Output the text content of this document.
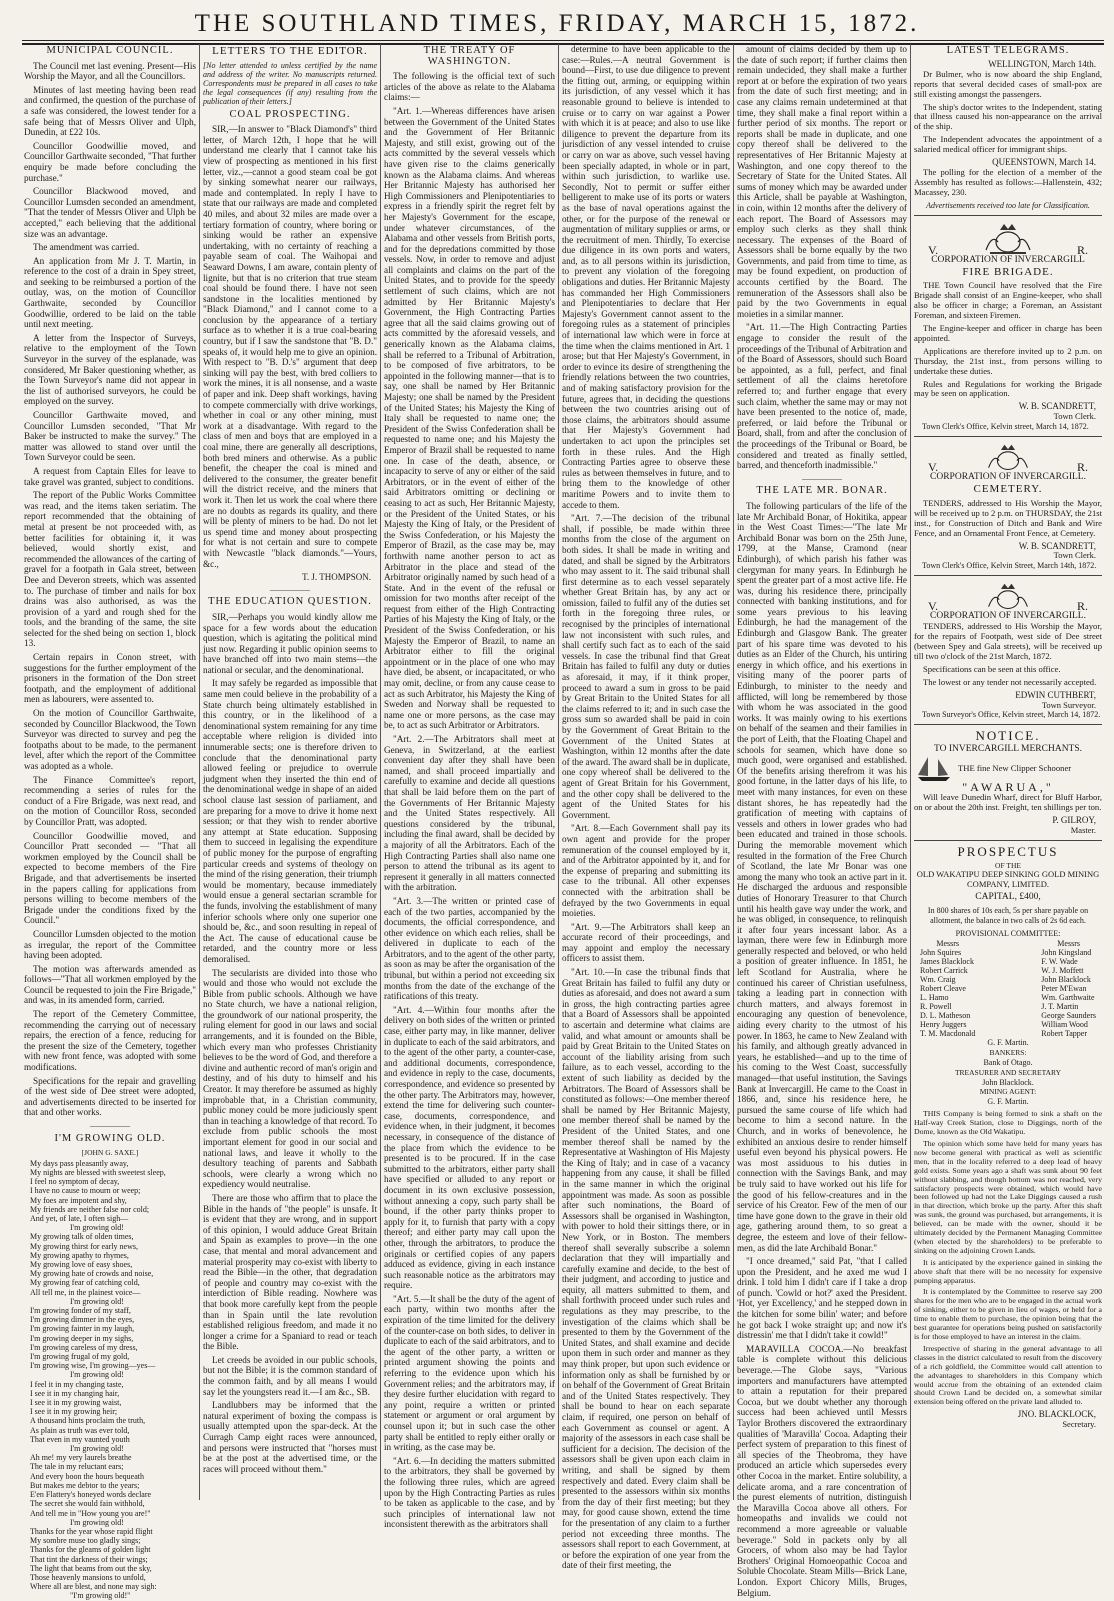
THE SOUTHLAND TIMES, FRIDAY, MARCH 15, 1872.
MUNICIPAL COUNCIL.

The Council met last evening. Present—His Worship the Mayor, and all the Councillors.

Minutes of last meeting having been read and confirmed, the question of the purchase of a safe was considered, the lowest tender for a safe being that of Messrs Oliver and Ulph, Dunedin, at £22 10s.

Councillor Goodwillie moved, and Councillor Garthwaite seconded, "That further enquiry be made before concluding the purchase."

Councillor Blackwood moved, and Councillor Lumsden seconded an amendment, "That the tender of Messrs Oliver and Ulph be accepted," each believing that the additional size was an advantage.

The amendment was carried.

An application from Mr J. T. Martin, in reference to the cost of a drain in Spey street, and seeking to be reimbursed a portion of the outlay, was, on the motion of Councillor Garthwaite, seconded by Councillor Goodwillie, ordered to be laid on the table until next meeting.

A letter from the Inspector of Surveys, relative to the employment of the Town Surveyor in the survey of the esplanade, was considered, Mr Baker questioning whether, as the Town Surveyor's name did not appear in the list of authorised surveyors, he could be employed on the survey.

Councillor Garthwaite moved, and Councillor Lumsden seconded, "That Mr Baker be instructed to make the survey." The matter was allowed to stand over until the Town Surveyor could be seen.

A request from Captain Elles for leave to take gravel was granted, subject to conditions.

The report of the Public Works Committee was read, and the items taken seriatim. The report recommended that the obtaining of metal at present be not proceeded with, as better facilities for obtaining it, it was believed, would shortly exist, and recommended the allowances of the carting of gravel for a footpath in Gala street, between Dee and Deveron streets, which was assented to. The purchase of timber and nails for box drains was also authorised, as was the provision of a yard and rough shed for the tools, and the branding of the same, the site selected for the shed being on section 1, block 13.

Certain repairs in Conon street, with suggestions for the further employment of the prisoners in the formation of the Don street footpath, and the employment of additional men as labourers, were assented to.

On the motion of Councillor Garthwaite, seconded by Councillor Blackwood, the Town Surveyor was directed to survey and peg the footpaths about to be made, to the permanent level, after which the report of the Committee was adopted as a whole.

The Finance Committee's report, recommending a series of rules for the conduct of a Fire Brigade, was next read, and on the motion of Councillor Ross, seconded by Councillor Pratt, was adopted.

Councillor Goodwillie moved, and Councillor Pratt seconded — "That all workmen employed by the Council shall be expected to become members of the Fire Brigade, and that advertisements be inserted in the papers calling for applications from persons willing to become members of the Brigade under the conditions fixed by the Council."

Councillor Lumsden objected to the motion as irregular, the report of the Committee having been adopted.

The motion was afterwards amended as follows—"That all workmen employed by the Council be requested to join the Fire Brigade," and was, in its amended form, carried.

The report of the Cemetery Committee, recommending the carrying out of necessary repairs, the erection of a fence, reducing for the present the size of the Cemetery, together with new front fence, was adopted with some modifications.

Specifications for the repair and gravelling of the west side of Dee street were adopted, and advertisements directed to be inserted for that and other works.

—————
I'M GROWING OLD.
[JOHN G. SAXE.]
My days pass pleasantly away,
My nights are blessed with sweetest sleep,
I feel no symptom of decay,
I have no cause to mourn or weep;
My foes are impotent and shy,
My friends are neither false nor cold;
And yet, of late, I often sigh—
I'm growing old!
My growing talk of olden times,
My growing thirst for early news,
My growing apathy to rhymes,
My growing love of easy shoes,
My growing hate of crowds and noise,
My growing fear of catching cold,
All tell me, in the plainest voice—
I'm growing old!
I'm growing fonder of my staff,
I'm growing dimmer in the eyes,
I'm growing fainter in my laugh,
I'm growing deeper in my sighs,
I'm growing careless of my dress,
I'm growing frugal of my gold,
I'm growing wise, I'm growing—yes—
I'm growing old!
I feel it in my changing taste,
I see it in my changing hair,
I see it in my growing waist,
I see it in my growing heir;
A thousand hints proclaim the truth,
As plain as truth was ever told,
That even in my vaunted youth
I'm growing old!
Ah me! my very laurels breathe
The tale in my reluctant ears;
And every boon the hours bequeath
But makes me debtor to the years;
E'en Flattery's honeyed words declare
The secret she would fain withhold,
And tell me in "How young you are!"
I'm growing old!
Thanks for the year whose rapid flight
My sombre muse too gladly sings;
Thanks for the gleams of golden light
That tint the darkness of their wings;
The light that beams from out the sky,
Those heavenly mansions to unfold,
Where all are blest, and none may sigh:
"I'm growing old!"
LETTERS TO THE EDITOR.
[No letter attended to unless certified by the name and address of the writer. No manuscripts returned. Correspondents must be prepared in all cases to take the legal consequences (if any) resulting from the publication of their letters.]
COAL PROSPECTING.

SIR,—In answer to "Black Diamond's" third letter, of March 12th, I hope that he will understand me clearly that I cannot take his view of prospecting as mentioned in his first letter, viz.,—cannot a good steam coal be got by sinking somewhat nearer our railways, made and contemplated. In reply I have to state that our railways are made and completed 40 miles, and about 32 miles are made over a tertiary formation of country, where boring or sinking would be rather an expensive undertaking, with no certainty of reaching a payable seam of coal. The Waihopai and Seaward Downs, I am aware, contain plenty of lignite, but that is no criterion that true steam coal should be found there. I have not seen sandstone in the localities mentioned by "Black Diamond," and I cannot come to a conclusion by the appearance of a tertiary surface as to whether it is a true coal-bearing country, but if I saw the sandstone that "B. D." speaks of, it would help me to give an opinion. With respect to "B. D.'s" argument that deep sinking will pay the best, with bred colliers to work the mines, it is all nonsense, and a waste of paper and ink. Deep shaft workings, having to compete commercially with drive workings, whether in coal or any other mining, must work at a disadvantage. With regard to the class of men and boys that are employed in a coal mine, there are generally all descriptions, both bred miners and otherwise. As a public benefit, the cheaper the coal is mined and delivered to the consumer, the greater benefit will the district receive, and the miners that work it. Then let us work the coal where there are no doubts as regards its quality, and there will be plenty of miners to be had. Do not let us spend time and money about prospecting for what is not certain and sure to compete with Newcastle "black diamonds."—Yours, &c.,

T. J. THOMPSON.
—————
THE EDUCATION QUESTION.

SIR,—Perhaps you would kindly allow me space for a few words about the education question, which is agitating the political mind just now. Regarding it public opinion seems to have branched off into two main stems—the national or secular, and the denominational.

It may safely be regarded as impossible that same men could believe in the probability of a State church being ultimately established in this country, or in the likelihood of a denominational system remaining for any time acceptable where religion is divided into innumerable sects; one is therefore driven to conclude that the denominational party allowed feeling or prejudice to overrule judgment when they inserted the thin end of the denominational wedge in shape of an aided school clause last session of parliament, and are preparing for a move to drive it home next session; or that they wish to render abortive any attempt at State education. Supposing them to succeed in legalising the expenditure of public money for the purpose of engrafting particular creeds and systems of theology on the mind of the rising generation, their triumph would be momentary, because immediately would ensue a general sectarian scramble for the funds, involving the establishment of many inferior schools where only one superior one should be, &c., and soon resulting in repeal of the Act. The cause of educational cause be retarded, and the country more or less demoralised.

The secularists are divided into those who would and those who would not exclude the Bible from public schools. Although we have no State church, we have a national religion, the groundwork of our national prosperity, the ruling element for good in our laws and social arrangements, and it is founded on the Bible, which every man who professes Christianity believes to be the word of God, and therefore a divine and authentic record of man's origin and destiny, and of his duty to himself and his Creator. It may therefore be assumed as highly improbable that, in a Christian community, public money could be more judiciously spent than in teaching a knowledge of that record. To exclude from public schools the most important element for good in our social and national laws, and leave it wholly to the desultory teaching of parents and Sabbath schools, were clearly a wrong which no expediency would neutralise.

There are those who affirm that to place the Bible in the hands of "the people" is unsafe. It is evident that they are wrong, and in support of this opinion, I would adduce Great Britain and Spain as examples to prove—in the one case, that mental and moral advancement and material prosperity may co-exist with liberty to read the Bible—in the other, that degradation of people and country may co-exist with the interdiction of Bible reading. Nowhere was that book more carefully kept from the people than in Spain until the late revolution established religious freedom, and made it no longer a crime for a Spaniard to read or teach the Bible.

Let creeds be avoided in our public schools, but not the Bible; it is the common standard of the common faith, and by all means I would say let the youngsters read it.—I am &c., SB.

Landlubbers may be informed that the natural experiment of boxing the compass is usually attempted upon the spar-deck. At the Curragh Camp eight races were announced, and persons were instructed that "horses must be at the post at the advertised time, or the races will proceed without them."

THE TREATY OF WASHINGTON.

The following is the official text of such articles of the above as relate to the Alabama claims:—

"Art. 1.—Whereas differences have arisen between the Government of the United States and the Government of Her Britannic Majesty, and still exist, growing out of the acts committed by the several vessels which have given rise to the claims generically known as the Alabama claims. And whereas Her Britannic Majesty has authorised her High Commissioners and Plenipotentiaries to express in a friendly spirit the regret felt by her Majesty's Government for the escape, under whatever circumstances, of the Alabama and other vessels from British ports, and for the depredations committed by those vessels. Now, in order to remove and adjust all complaints and claims on the part of the United States, and to provide for the speedy settlement of such claims, which are not admitted by Her Britannic Majesty's Government, the High Contracting Parties agree that all the said claims growing out of acts committed by the aforesaid vessels, and generically known as the Alabama claims, shall be referred to a Tribunal of Arbitration, to be composed of five arbitrators, to be appointed in the following manner—that is to say, one shall be named by Her Britannic Majesty; one shall be named by the President of the United States; his Majesty the King of Italy shall be requested to name one; the President of the Swiss Confederation shall be requested to name one; and his Majesty the Emperor of Brazil shall be requested to name one. In case of the death, absence, or incapacity to serve of any or either of the said Arbitrators, or in the event of either of the said Arbitrators omitting or declining or ceasing to act as such, Her Britannic Majesty, or the President of the United States, or his Majesty the King of Italy, or the President of the Swiss Confederation, or his Majesty the Emperor of Brazil, as the case may be, may forthwith name another person to act as Arbitrator in the place and stead of the Arbitrator originally named by such head of a State. And in the event of the refusal or omission for two months after receipt of the request from either of the High Contracting Parties of his Majesty the King of Italy, or the President of the Swiss Confederation, or his Majesty the Emperor of Brazil, to name an Arbitrator either to fill the original appointment or in the place of one who may have died, be absent, or incapacitated, or who may omit, decline, or from any cause cease to act as such Arbitrator, his Majesty the King of Sweden and Norway shall be requested to name one or more persons, as the case may be, to act as such Arbitrator or Arbitrators.

"Art. 2.—The Arbitrators shall meet at Geneva, in Switzerland, at the earliest convenient day after they shall have been named, and shall proceed impartially and carefully to examine and decide all questions that shall be laid before them on the part of the Governments of Her Britannic Majesty and the United States respectively. All questions considered by the tribunal, including the final award, shall be decided by a majority of all the Arbitrators. Each of the High Contracting Parties shall also name one person to attend the tribunal as its agent to represent it generally in all matters connected with the arbitration.

"Art. 3.—The written or printed case of each of the two parties, accompanied by the documents, the official correspondence, and other evidence on which each relies, shall be delivered in duplicate to each of the Arbitrators, and to the agent of the other party, as soon as may be after the organisation of the tribunal, but within a period not exceeding six months from the date of the exchange of the ratifications of this treaty.

"Art. 4.—Within four months after the delivery on both sides of the written or printed case, either party may, in like manner, deliver in duplicate to each of the said arbitrators, and to the agent of the other party, a counter-case, and additional documents, correspondence, and evidence in reply to the case, documents, correspondence, and evidence so presented by the other party. The Arbitrators may, however, extend the time for delivering such counter-case, documents, correspondence, and evidence when, in their judgment, it becomes necessary, in consequence of the distance of the place from which the evidence to be presented is to be procured. If in the case submitted to the arbitrators, either party shall have specified or alluded to any report or document in its own exclusive possession, without annexing a copy, such party shall be bound, if the other party thinks proper to apply for it, to furnish that party with a copy thereof; and either party may call upon the other, through the arbitrators, to produce the originals or certified copies of any papers adduced as evidence, giving in each instance such reasonable notice as the arbitrators may require.

"Art. 5.—It shall be the duty of the agent of each party, within two months after the expiration of the time limited for the delivery of the counter-case on both sides, to deliver in duplicate to each of the said arbitrators, and to the agent of the other party, a written or printed argument showing the points and referring to the evidence upon which his Government relies; and the arbitrators may, if they desire further elucidation with regard to any point, require a written or printed statement or argument or oral argument by counsel upon it; but in such case the other party shall be entitled to reply either orally or in writing, as the case may be.

"Art. 6.—In deciding the matters submitted to the arbitrators, they shall be governed by the following three rules, which are agreed upon by the High Contracting Parties as rules to be taken as applicable to the case, and by such principles of international law not inconsistent therewith as the arbitrators shall

determine to have been applicable to the case:—Rules.—A neutral Government is bound—First, to use due diligence to prevent the fitting out, arming, or equipping within its jurisdiction, of any vessel which it has reasonable ground to believe is intended to cruise or to carry on war against a Power with which it is at peace; and also to use like diligence to prevent the departure from its jurisdiction of any vessel intended to cruise or carry on war as above, such vessel having been specially adapted, in whole or in part, within such jurisdiction, to warlike use. Secondly, Not to permit or suffer either belligerent to make use of its ports or waters as the base of naval operations against the other, or for the purpose of the renewal or augmentation of military supplies or arms, or the recruitment of men. Thirdly, To exercise due diligence in its own ports and waters, and, as to all persons within its jurisdiction, to prevent any violation of the foregoing obligations and duties. Her Britannic Majesty has commanded her High Commissioners and Plenipotentiaries to declare that Her Majesty's Government cannot assent to the foregoing rules as a statement of principles of international law which were in force at the time when the claims mentioned in Art. 1 arose; but that Her Majesty's Government, in order to evince its desire of strengthening the friendly relations between the two countries, and of making satisfactory provision for the future, agrees that, in deciding the questions between the two countries arising out of those claims, the arbitrators should assume that Her Majesty's Government had undertaken to act upon the principles set forth in these rules. And the High Contracting Parties agree to observe these rules as between themselves in future, and to bring them to the knowledge of other maritime Powers and to invite them to accede to them.

"Art. 7.—The decision of the tribunal shall, if possible, be made within three months from the close of the argument on both sides. It shall be made in writing and dated, and shall be signed by the Arbitrators who may assent to it. The said tribunal shall first determine as to each vessel separately whether Great Britain has, by any act or omission, failed to fulfil any of the duties set forth in the foregoing three rules, or recognised by the principles of international law not inconsistent with such rules, and shall certify such fact as to each of the said vessels. In case the tribunal find that Great Britain has failed to fulfil any duty or duties as aforesaid, it may, if it think proper, proceed to award a sum in gross to be paid by Great Britain to the United States for all the claims referred to it; and in such case the gross sum so awarded shall be paid in coin by the Government of Great Britain to the Government of the United States at Washington, within 12 months after the date of the award. The award shall be in duplicate, one copy whereof shall be delivered to the agent of Great Britain for his Government, and the other copy shall be delivered to the agent of the United States for his Government.

"Art. 8.—Each Government shall pay its own agent and provide for the proper remuneration of the counsel employed by it, and of the Arbitrator appointed by it, and for the expense of preparing and submitting its case to the tribunal. All other expenses connected with the arbitration shall be defrayed by the two Governments in equal moieties.

"Art. 9.—The Arbitrators shall keep an accurate record of their proceedings, and may appoint and employ the necessary officers to assist them.

"Art. 10.—In case the tribunal finds that Great Britain has failed to fulfil any duty or duties as aforesaid, and does not award a sum in gross, the high contracting parties agree that a Board of Assessors shall be appointed to ascertain and determine what claims are valid, and what amount or amounts shall be paid by Great Britain to the United States on account of the liability arising from such failure, as to each vessel, according to the extent of such liability as decided by the Arbitrators. The Board of Assessors shall be constituted as follows:—One member thereof shall be named by Her Britannic Majesty, one member thereof shall be named by the President of the United States, and one member thereof shall be named by the Representative at Washington of His Majesty the King of Italy; and in case of a vacancy happening from any cause, it shall be filled in the same manner in which the original appointment was made. As soon as possible after such nominations, the Board of Assessors shall be organised in Washington, with power to hold their sittings there, or in New York, or in Boston. The members thereof shall severally subscribe a solemn declaration that they will impartially and carefully examine and decide, to the best of their judgment, and according to justice and equity, all matters submitted to them, and shall forthwith proceed under such rules and regulations as they may prescribe, to the investigation of the claims which shall be presented to them by the Government of the United States, and shall examine and decide upon them in such order and manner as they may think proper, but upon such evidence or information only as shall be furnished by or on behalf of the Government of Great Britain and of the United States respectively. They shall be bound to hear on each separate claim, if required, one person on behalf of each Government as counsel or agent. A majority of the assessors in each case shall be sufficient for a decision. The decision of the assessors shall be given upon each claim in writing, and shall be signed by them respectively and dated. Every claim shall be presented to the assessors within six months from the day of their first meeting; but they may, for good cause shown, extend the time for the presentation of any claim to a further period not exceeding three months. The assessors shall report to each Government, at or before the expiration of one year from the date of their first meeting, the

amount of claims decided by them up to the date of such report; if further claims then remain undecided, they shall make a further report at or before the expiration of two years from the date of such first meeting; and in case any claims remain undetermined at that time, they shall make a final report within a further period of six months. The report or reports shall be made in duplicate, and one copy thereof shall be delivered to the representatives of Her Britannic Majesty at Washington, and one copy thereof to the Secretary of State for the United States. All sums of money which may be awarded under this Article, shall be payable at Washington, in coin, within 12 months after the delivery of each report. The Board of Assessors may employ such clerks as they shall think necessary. The expenses of the Board of Assessors shall be borne equally by the two Governments, and paid from time to time, as may be found expedient, on production of accounts certified by the Board. The remuneration of the Assessors shall also be paid by the two Governments in equal moieties in a similar manner.

"Art. 11.—The High Contracting Parties engage to consider the result of the proceedings of the Tribunal of Arbitration and of the Board of Assessors, should such Board be appointed, as a full, perfect, and final settlement of all the claims heretofore referred to; and further engage that every such claim, whether the same may or may not have been presented to the notice of, made, preferred, or laid before the Tribunal or Board, shall, from and after the conclusion of the proceedings of the Tribunal or Board, be considered and treated as finally settled, barred, and thenceforth inadmissible."

—————
THE LATE MR. BONAR.

The following particulars of the life of the late Mr Archibald Bonar, of Hokitika, appear in the West Coast Times:—"The late Mr Archibald Bonar was born on the 25th June, 1799, at the Manse, Cramond (near Edinburgh), of which parish his father was clergyman for many years. In Edinburgh he spent the greater part of a most active life. He was, during his residence there, principally connected with banking institutions, and for some years previous to his leaving Edinburgh, he had the management of the Edinburgh and Glasgow Bank. The greater part of his spare time was devoted to his duties as an Elder of the Church, his untiring energy in which office, and his exertions in visiting many of the poorer parts of Edinburgh, to minister to the needy and afflicted, will long be remembered by those with whom he was associated in the good works. It was mainly owing to his exertions on behalf of the seamen and their families in the port of Leith, that the Floating Chapel and schools for seamen, which have done so much good, were organised and established. Of the benefits arising therefrom it was his good fortune, in the latter days of his life, to meet with many instances, for even on these distant shores, he has repeatedly had the gratification of meeting with captains of vessels and others in lower grades who had been educated and trained in those schools. During the memorable movement which resulted in the formation of the Free Church of Scotland, the late Mr Bonar was one among the many who took an active part in it. He discharged the arduous and responsible duties of Honorary Treasurer to that Church until his health gave way under the work, and he was obliged, in consequence, to relinquish it after four years incessant labor. As a layman, there were few in Edinburgh more generally respected and beloved, or who held a position of greater influence. In 1851, he left Scotland for Australia, where he continued his career of Christian usefulness, taking a leading part in connection with church matters, and always foremost in encouraging any question of benevolence, aiding every charity to the utmost of his power. In 1863, he came to New Zealand with his family, and although greatly advanced in years, he established—and up to the time of his coming to the West Coast, successfully managed—that useful institution, the Savings Bank at Invercargill. He came to the Coast in 1866, and, since his residence here, he pursued the same course of life which had become to him a second nature. In the Church, and in works of benevolence, he exhibited an anxious desire to render himself useful even beyond his physical powers. He was most assiduous to his duties in connection with the Savings Bank, and may be truly said to have worked out his life for the good of his fellow-creatures and in the service of his Creator. Few of the men of our time have gone down to the grave in their old age, gathering around them, to so great a degree, the esteem and love of their fellow-men, as did the late Archibald Bonar."

"I once dreamed," said Pat, "that I called upon the President, and he axed me wud I drink. I told him I didn't care if I take a drop of punch. 'Cowld or hot?' axed the President. 'Hot, yer Excellency,' and he stepped down in the kitchen for some bilin' water; and before he got back I woke straight up; and now it's distressin' me that I didn't take it cowld!"

MARAVILLA COCOA.—No breakfast table is complete without this delicious beverage.—The Globe says, "Various importers and manufacturers have attempted to attain a reputation for their prepared Cocoa, but we doubt whether any thorough success had been achieved until Messrs Taylor Brothers discovered the extraordinary qualities of 'Maravilla' Cocoa. Adapting their perfect system of preparation to this finest of all species of the Theobroma, they have produced an article which supersedes every other Cocoa in the market. Entire solubility, a delicate aroma, and a rare concentration of the purest elements of nutrition, distinguish the Maravilla Cocoa above all others. For homeopaths and invalids we could not recommend a more agreeable or valuable beverage." Sold in packets only by all Grocers, of whom also may be had Taylor Brothers' Original Homoeopathic Cocoa and Soluble Chocolate. Steam Mills—Brick Lane, London. Export Chicory Mills, Bruges, Belgium.

LATEST TELEGRAMS.
WELLINGTON, March 14th.

Dr Bulmer, who is now aboard the ship England, reports that several decided cases of small-pox are still existing amongst the passengers.

The ship's doctor writes to the Independent, stating that illness caused his non-appearance on the arrival of the ship.

The Independent advocates the appointment of a salaried medical officer for immigrant ships.

QUEENSTOWN, March 14.

The polling for the election of a member of the Assembly has resulted as follows:—Hallenstein, 432; Macassey, 230.

Advertisements received too late for Classification.
V.	R.
CORPORATION OF INVERCARGILL
FIRE BRIGADE.

THE Town Council have resolved that the Fire Brigade shall consist of an Engine-keeper, who shall also be officer in charge; a Foreman, an Assistant Foreman, and sixteen Firemen.

The Engine-keeper and officer in charge has been appointed.

Applications are therefore invited up to 2 p.m. on Thursday, the 21st inst., from persons willing to undertake these duties.

Rules and Regulations for working the Brigade may be seen on application.

W. B. SCANDRETT,
Town Clerk.
Town Clerk's Office, Kelvin street, March 14, 1872.
V.	R.
CORPORATION OF INVERCARGILL.
CEMETERY.

TENDERS, addressed to His Worship the Mayor, will be received up to 2 p.m. on THURSDAY, the 21st inst., for Construction of Ditch and Bank and Wire Fence, and an Ornamental Front Fence, at Cemetery.

W. B. SCANDRETT,
Town Clerk.
Town Clerk's Office, Kelvin Street, March 14th, 1872.
V.	R.
CORPORATION OF INVERCARGILL.

TENDERS, addressed to His Worship the Mayor, for the repairs of Footpath, west side of Dee street (between Spey and Gala streets), will be received up till two o'clock of the 21st March, 1872.

Specifications can be seen at this office.

The lowest or any tender not necessarily accepted.

EDWIN CUTHBERT,
Town Surveyor.
Town Surveyor's Office, Kelvin street, March 14, 1872.
NOTICE.
TO INVERCARGILL MERCHANTS.
THE fine New Clipper Schooner
"AWARUA,"

Will leave Dunedin Wharf, direct for Bluff Harbor, on or about the 20th inst. Freight, ten shillings per ton.

P. GILROY,
Master.
PROSPECTUS
OF THE
OLD WAKATIPU DEEP SINKING GOLD MINING COMPANY, LIMITED.
CAPITAL, £400,
In 800 shares of 10s each, 5s per share payable on allotment, the balance in two calls of 2s 6d each.
PROVISIONAL COMMITTEE:
Messrs
John Squires
James Blacklock
Robert Carrick
Wm. Craig
Robert Cleave
L. Hamo
R. Powell
D. L. Matheson
Henry Juggers
T. M. Macdonald
Messrs
John Kingsland
F. W. Wade
W. J. Moffett
John Blacklock
Peter M'Ewan
Wm. Garthwaite
J. T. Martin
George Saunders
William Wood
Robert Tapper
G. F. Martin.
BANKERS:
Bank of Otago.
TREASURER AND SECRETARY
John Blacklock.
MINING AGENT:
G. F. Martin.

THIS Company is being formed to sink a shaft on the Half-way Creek Station, close to Diggings, north of the Dome, known as the Old Wakatipu.

The opinion which some have held for many years has now become general with practical as well as scientific men, that in the locality referred to a deep lead of heavy gold exists. Some years ago a shaft was sunk about 90 feet without slabbing, and though bottom was not reached, very satisfactory prospects were obtained, which would have been followed up had not the Lake Diggings caused a rush in that direction, which broke up the party. After this shaft was sunk, the ground was purchased, but arrangements, it is believed, can be made with the owner, should it be ultimately decided by the Permanent Managing Committee (when elected by the shareholders) to be preferable to sinking on the adjoining Crown Lands.

It is anticipated by the experience gained in sinking the above shaft that there will be no necessity for expensive pumping apparatus.

It is contemplated by the Committee to reserve say 200 shares for the men who are to be engaged in the actual work of sinking, either to be given in lieu of wages, or held for a time to enable them to purchase, the opinion being that the best guarantee for operations being pushed on satisfactorily is for those employed to have an interest in the claim.

Irrespective of sharing in the general advantage to all classes in the district calculated to result from the discovery of a rich goldfield, the Committee would call attention to the advantages to shareholders in this Company which would accrue from the obtaining of an extended claim should Crown Land be decided on, a somewhat similar extension being offered on the private land alluded to.

JNO. BLACKLOCK,
Secretary.
